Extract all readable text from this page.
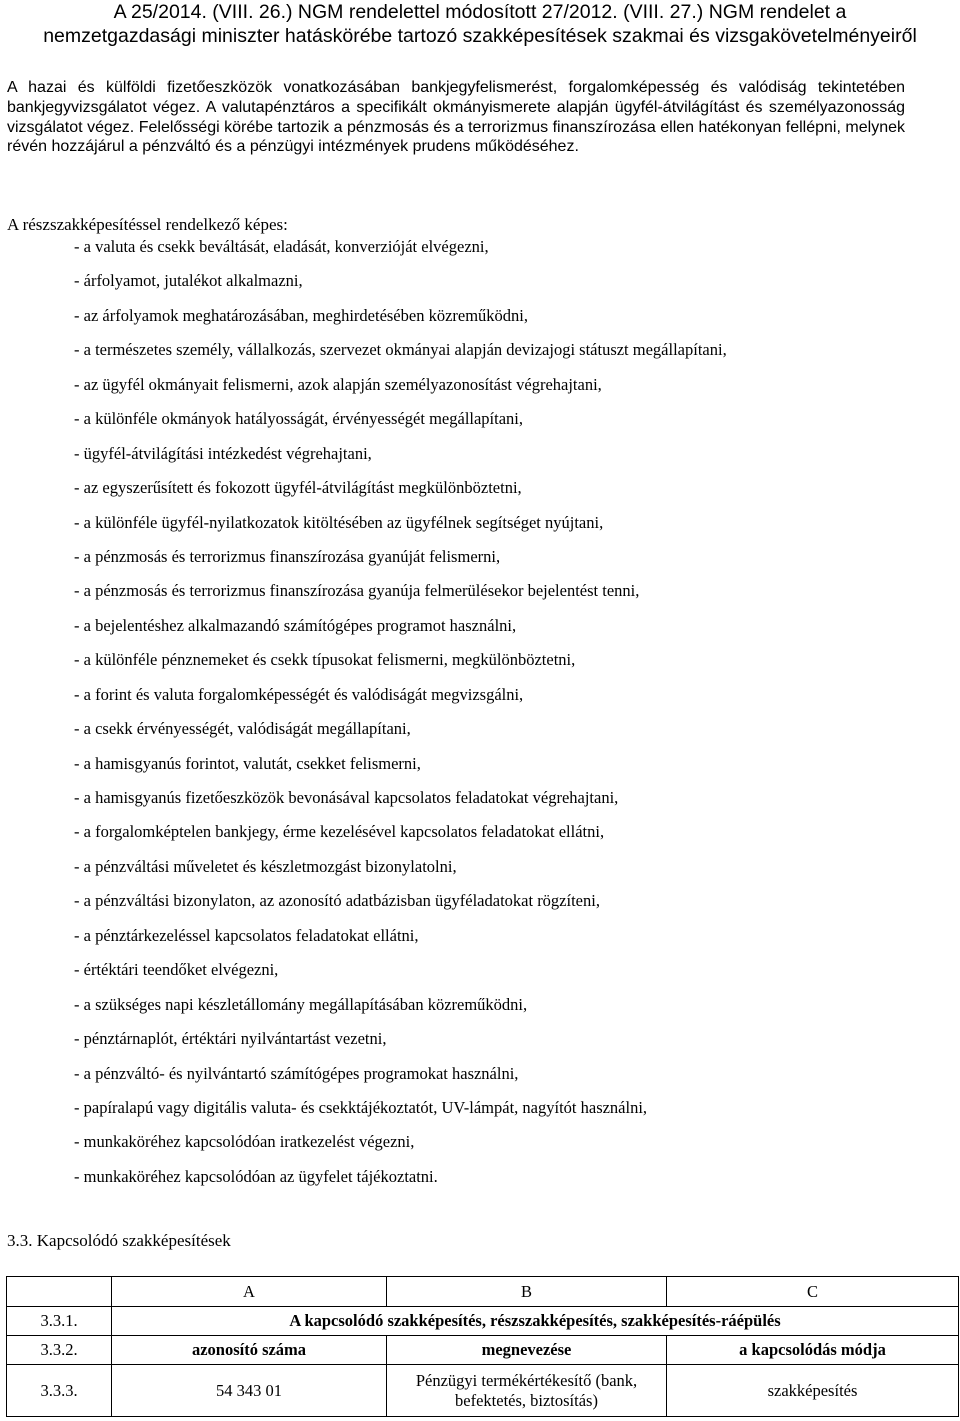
A 25/2014. (VIII. 26.) NGM rendelettel módosított 27/2012. (VIII. 27.) NGM rendelet a
nemzetgazdasági miniszter hatáskörébe tartozó szakképesítések szakmai és vizsgakövetelményeiről

A hazai és külföldi fizetőeszközök vonatkozásában bankjegyfelismerést, forgalomképesség és valódiság tekintetében bankjegyvizsgálatot végez. A valutapénztáros a specifikált okmányismerete alapján ügyfél-átvilágítást és személyazonosság vizsgálatot végez. Felelősségi körébe tartozik a pénzmosás és a terrorizmus finanszírozása ellen hatékonyan fellépni, melynek révén hozzájárul a pénzváltó és a pénzügyi intézmények prudens működéséhez.

A részszakképesítéssel rendelkező képes:
- a valuta és csekk beváltását, eladását, konverzióját elvégezni,
- árfolyamot, jutalékot alkalmazni,
- az árfolyamok meghatározásában, meghirdetésében közreműködni,
- a természetes személy, vállalkozás, szervezet okmányai alapján devizajogi státuszt megállapítani,
- az ügyfél okmányait felismerni, azok alapján személyazonosítást végrehajtani,
- a különféle okmányok hatályosságát, érvényességét megállapítani,
- ügyfél-átvilágítási intézkedést végrehajtani,
- az egyszerűsített és fokozott ügyfél-átvilágítást megkülönböztetni,
- a különféle ügyfél-nyilatkozatok kitöltésében az ügyfélnek segítséget nyújtani,
- a pénzmosás és terrorizmus finanszírozása gyanúját felismerni,
- a pénzmosás és terrorizmus finanszírozása gyanúja felmerülésekor bejelentést tenni,
- a bejelentéshez alkalmazandó számítógépes programot használni,
- a különféle pénznemeket és csekk típusokat felismerni, megkülönböztetni,
- a forint és valuta forgalomképességét és valódiságát megvizsgálni,
- a csekk érvényességét, valódiságát megállapítani,
- a hamisgyanús forintot, valutát, csekket felismerni,
- a hamisgyanús fizetőeszközök bevonásával kapcsolatos feladatokat végrehajtani,
- a forgalomképtelen bankjegy, érme kezelésével kapcsolatos feladatokat ellátni,
- a pénzváltási műveletet és készletmozgást bizonylatolni,
- a pénzváltási bizonylaton, az azonosító adatbázisban ügyféladatokat rögzíteni,
- a pénztárkezeléssel kapcsolatos feladatokat ellátni,
- értéktári teendőket elvégezni,
- a szükséges napi készletállomány megállapításában közreműködni,
- pénztárnaplót, értéktári nyilvántartást vezetni,
- a pénzváltó- és nyilvántartó számítógépes programokat használni,
- papíralapú vagy digitális valuta- és csekktájékoztatót, UV-lámpát, nagyítót használni,
- munkaköréhez kapcsolódóan iratkezelést végezni,
- munkaköréhez kapcsolódóan az ügyfelet tájékoztatni.
3.3. Kapcsolódó szakképesítések
	A	B	C
3.3.1.	A kapcsolódó szakképesítés, részszakképesítés, szakképesítés-ráépülés		
3.3.2.	azonosító száma	megnevezése	a kapcsolódás módja
3.3.3.	54 343 01	Pénzügyi termékértékesítő (bank, befektetés, biztosítás)	szakképesítés
